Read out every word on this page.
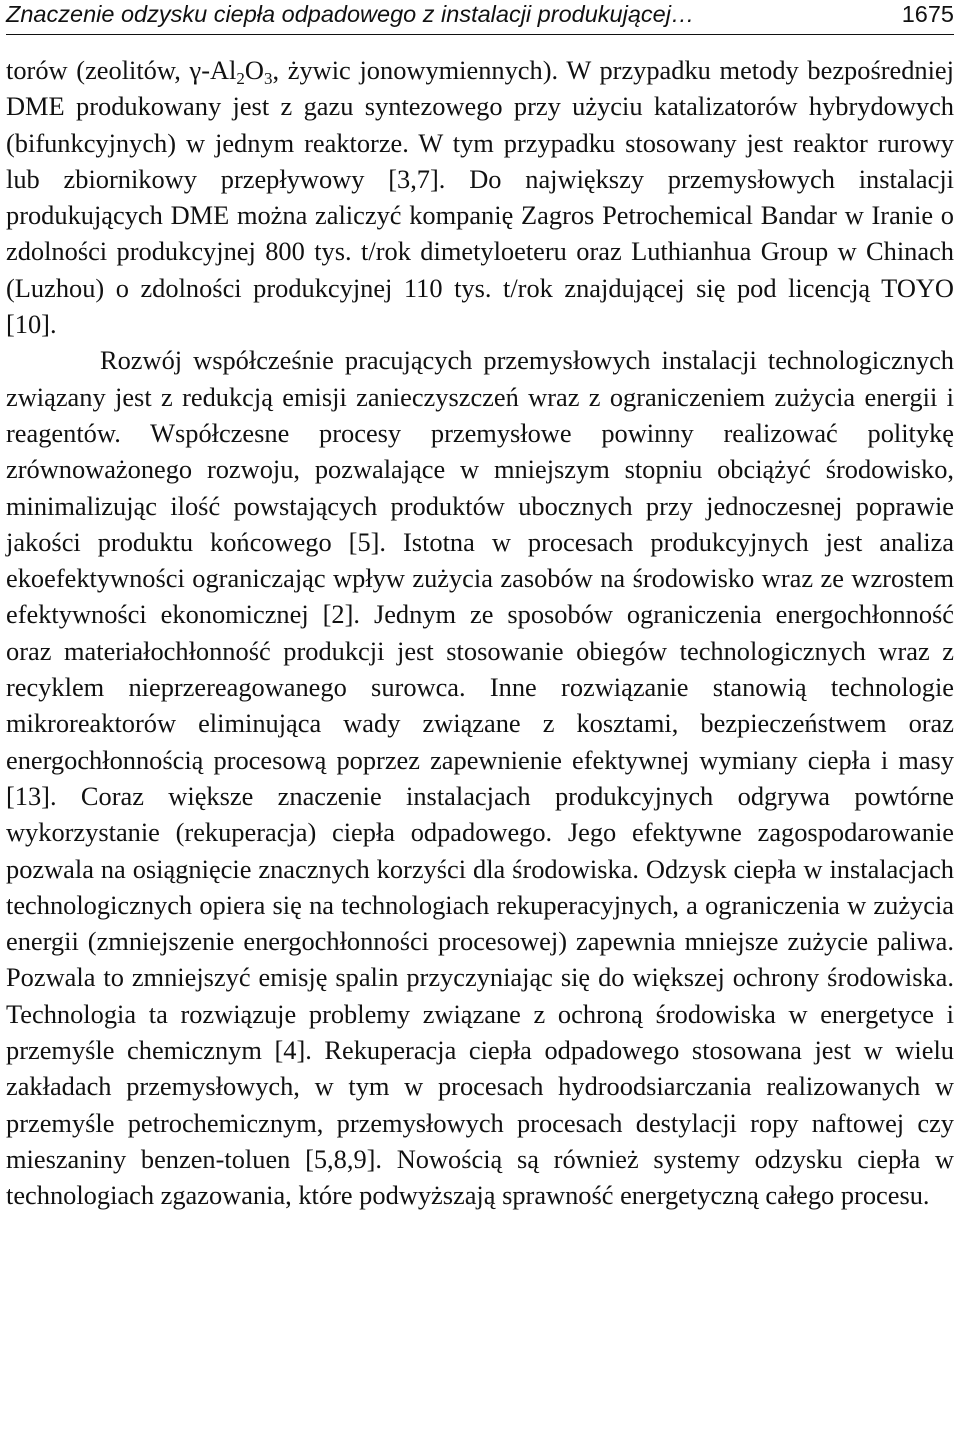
Znaczenie odzysku ciepła odpadowego z instalacji produkującej…	1675

torów (zeolitów, $\gamma-Al_2O_3$, żywic jonowymiennych). W przypadku metody bezpośredniej DME produkowany jest z gazu syntezowego przy użyciu katalizatorów hybrydowych (bifunkcyjnych) w jednym reaktorze. W tym przypadku stosowany jest reaktor rurowy lub zbiornikowy przepływowy [3,7]. Do największy przemysłowych instalacji produkujących DME można zaliczyć kompanię Zagros Petrochemical Bandar w Iranie o zdolności produkcyjnej 800 tys. t/rok dimetyloeteru oraz Luthianhua Group w Chinach (Luzhou) o zdolności produkcyjnej 110 tys. t/rok znajdującej się pod licencją TOYO [10].

Rozwój współcześnie pracujących przemysłowych instalacji technologicznych związany jest z redukcją emisji zanieczyszczeń wraz z ograniczeniem zużycia energii i reagentów. Współczesne procesy przemysłowe powinny realizować politykę zrównoważonego rozwoju, pozwalające w mniejszym stopniu obciążyć środowisko, minimalizując ilość powstających produktów ubocznych przy jednoczesnej poprawie jakości produktu końcowego [5]. Istotna w procesach produkcyjnych jest analiza ekoefektywności ograniczając wpływ zużycia zasobów na środowisko wraz ze wzrostem efektywności ekonomicznej [2]. Jednym ze sposobów ograniczenia energochłonność oraz materiałochłonność produkcji jest stosowanie obiegów technologicznych wraz z recyklem nieprzereagowanego surowca. Inne rozwiązanie stanowią technologie mikroreaktorów eliminująca wady związane z kosztami, bezpieczeństwem oraz energochłonnością procesową poprzez zapewnienie efektywnej wymiany ciepła i masy [13]. Coraz większe znaczenie instalacjach produkcyjnych odgrywa powtórne wykorzystanie (rekuperacja) ciepła odpadowego. Jego efektywne zagospodarowanie pozwala na osiągnięcie znacznych korzyści dla środowiska. Odzysk ciepła w instalacjach technologicznych opiera się na technologiach rekuperacyjnych, a ograniczenia w zużycia energii (zmniejszenie energochłonności procesowej) zapewnia mniejsze zużycie paliwa. Pozwala to zmniejszyć emisję spalin przyczyniając się do większej ochrony środowiska. Technologia ta rozwiązuje problemy związane z ochroną środowiska w energetyce i przemyśle chemicznym [4]. Rekuperacja ciepła odpadowego stosowana jest w wielu zakładach przemysłowych, w tym w procesach hydroodsiarczania realizowanych w przemyśle petrochemicznym, przemysłowych procesach destylacji ropy naftowej czy mieszaniny benzen-toluen [5,8,9]. Nowością są również systemy odzysku ciepła w technologiach zgazowania, które podwyższają sprawność energetyczną całego procesu.
